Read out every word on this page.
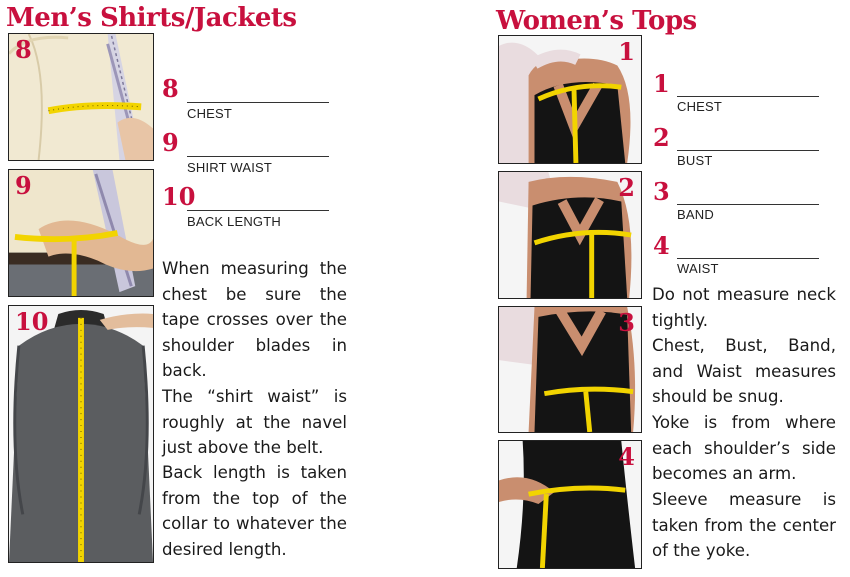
Men’s Shirts/Jackets
8
9
10
8
CHEST
9
SHIRT WAIST
10
BACK LENGTH

When measuring the chest be sure the tape crosses over the shoulder blades in back.

The “shirt waist” is roughly at the navel just above the belt.

Back length is taken from the top of the collar to whatever the desired length.

Women’s Tops
1
2
3
4
1
CHEST
2
BUST
3
BAND
4
WAIST

Do not measure neck tightly.

Chest, Bust, Band, and Waist measures should be snug.

Yoke is from where each shoulder’s side becomes an arm.

Sleeve measure is taken from the center of the yoke.
